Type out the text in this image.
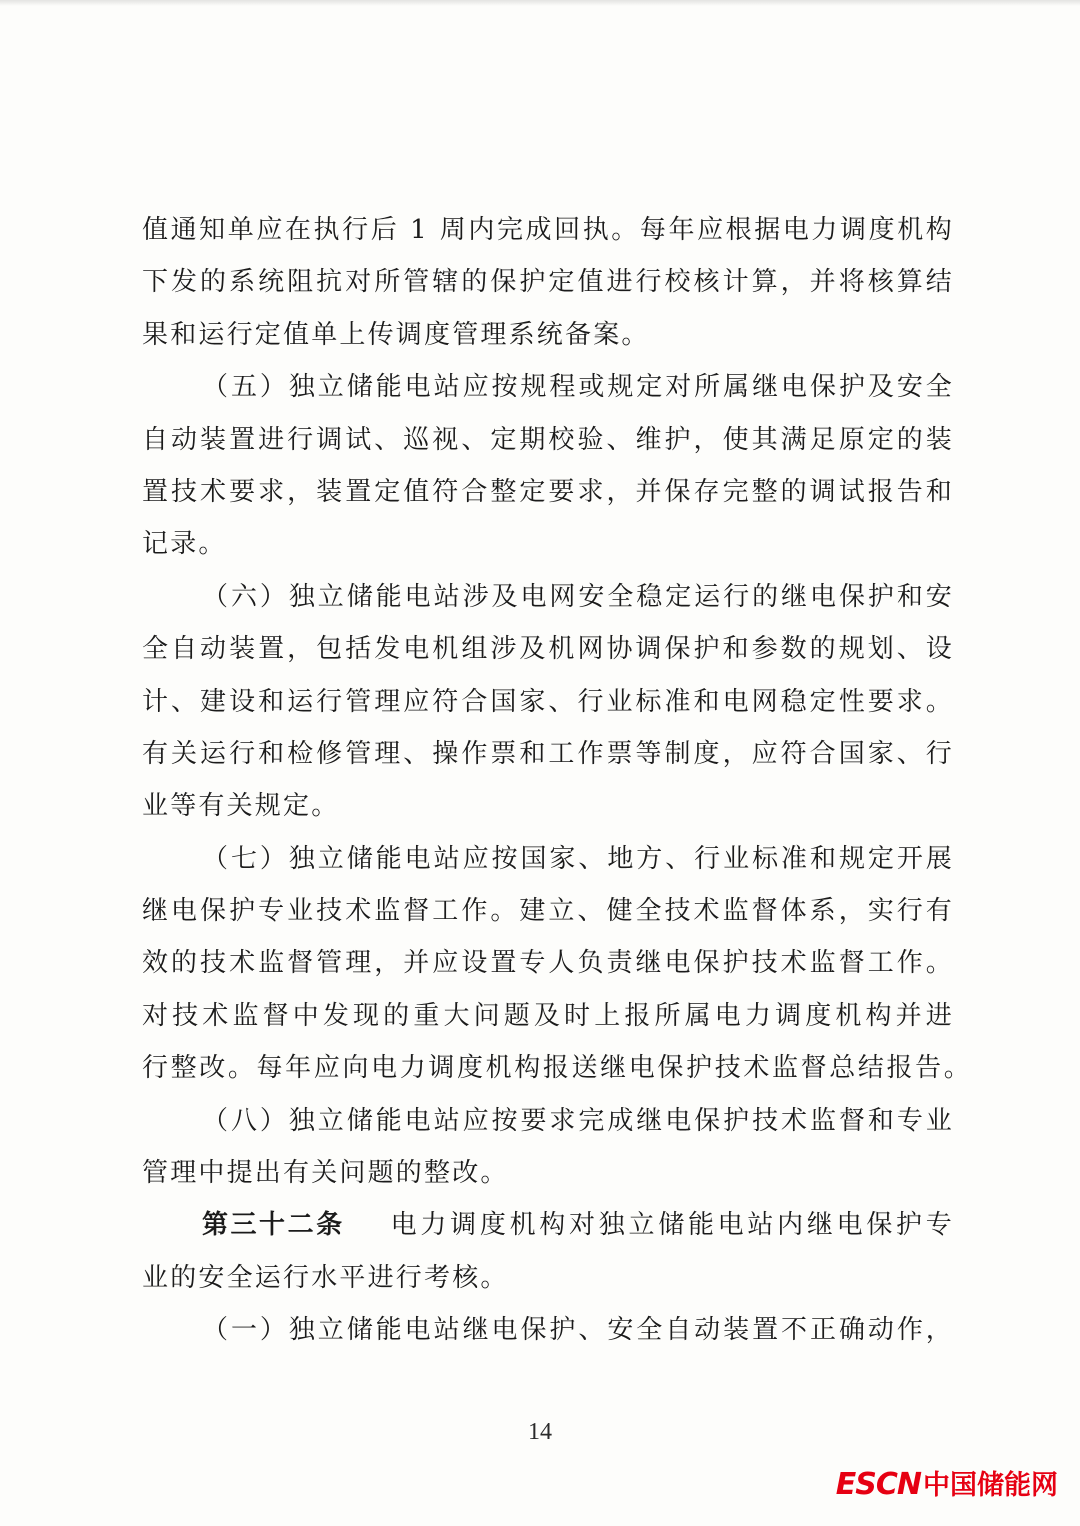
值通知单应在执行后 1 周内完成回执。每年应根据电力调度机构
下发的系统阻抗对所管辖的保护定值进行校核计算，并将核算结
果和运行定值单上传调度管理系统备案。
（五）独立储能电站应按规程或规定对所属继电保护及安全
自动装置进行调试、巡视、定期校验、维护，使其满足原定的装
置技术要求，装置定值符合整定要求，并保存完整的调试报告和
记录。
（六）独立储能电站涉及电网安全稳定运行的继电保护和安
全自动装置，包括发电机组涉及机网协调保护和参数的规划、设
计、建设和运行管理应符合国家、行业标准和电网稳定性要求。
有关运行和检修管理、操作票和工作票等制度，应符合国家、行
业等有关规定。
（七）独立储能电站应按国家、地方、行业标准和规定开展
继电保护专业技术监督工作。建立、健全技术监督体系，实行有
效的技术监督管理，并应设置专人负责继电保护技术监督工作。
对技术监督中发现的重大问题及时上报所属电力调度机构并进
行整改。每年应向电力调度机构报送继电保护技术监督总结报告。
（八）独立储能电站应按要求完成继电保护技术监督和专业
管理中提出有关问题的整改。
第三十二条 电力调度机构对独立储能电站内继电保护专
业的安全运行水平进行考核。
（一）独立储能电站继电保护、安全自动装置不正确动作，
14
ESCN中国储能网
